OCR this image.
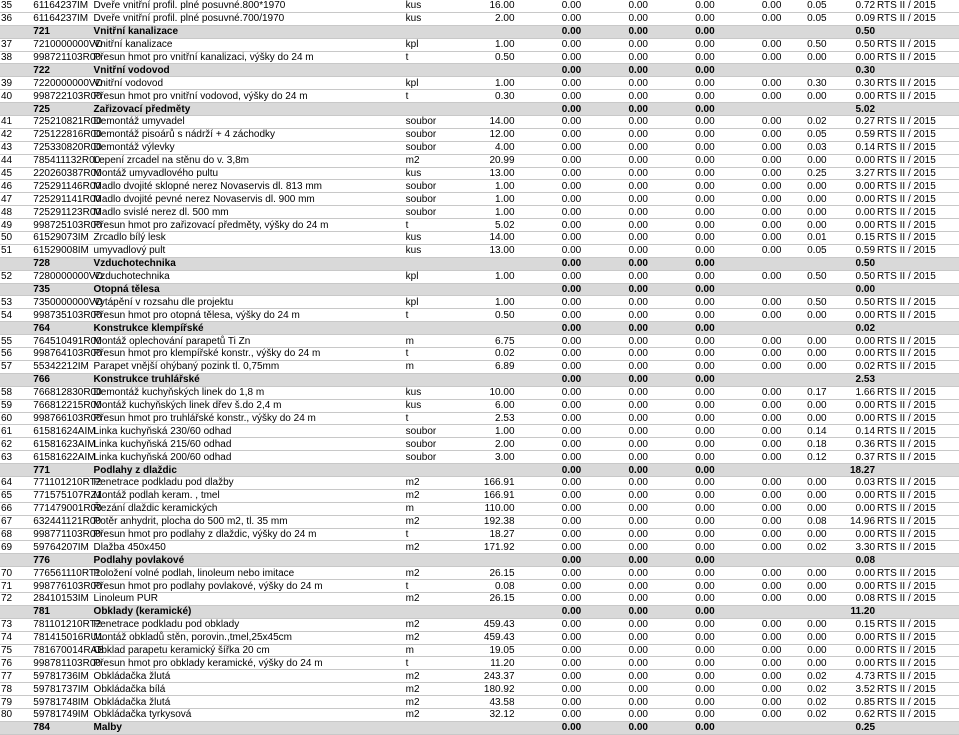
35	61164237IM	Dveře vnitřní profil. plné posuvné.800*1970	kus	16.00	0.00	0.00	0.00	0.00	0.05	0.72	RTS II / 2015
36	61164237IM	Dveře vnitřní profil. plné posuvné.700/1970	kus	2.00	0.00	0.00	0.00	0.00	0.05	0.09	RTS II / 2015
	721	Vnitřní kanalizace			0.00	0.00	0.00			0.50	
37	7210000000VD	Vnitřní kanalizace	kpl	1.00	0.00	0.00	0.00	0.00	0.50	0.50	RTS II / 2015
38	998721103R00	Přesun hmot pro vnitřní kanalizaci, výšky do 24 m	t	0.50	0.00	0.00	0.00	0.00	0.00	0.00	RTS II / 2015
	722	Vnitřní vodovod			0.00	0.00	0.00			0.30	
39	7220000000VD	Vnitřní vodovod	kpl	1.00	0.00	0.00	0.00	0.00	0.30	0.30	RTS II / 2015
40	998722103R00	Přesun hmot pro vnitřní vodovod, výšky do 24 m	t	0.30	0.00	0.00	0.00	0.00	0.00	0.00	RTS II / 2015
	725	Zařizovací předměty			0.00	0.00	0.00			5.02	
41	725210821R00	Demontáž umyvadel	soubor	14.00	0.00	0.00	0.00	0.00	0.02	0.27	RTS II / 2015
42	725122816R00	Demontáž pisoárů s nádrží + 4 záchodky	soubor	12.00	0.00	0.00	0.00	0.00	0.05	0.59	RTS II / 2015
43	725330820R00	Demontáž výlevky	soubor	4.00	0.00	0.00	0.00	0.00	0.03	0.14	RTS II / 2015
44	785411132R00	Lepení zrcadel na stěnu do v. 3,8m	m2	20.99	0.00	0.00	0.00	0.00	0.00	0.00	RTS II / 2015
45	220260387R00	Montáž umyvadlového pultu	kus	13.00	0.00	0.00	0.00	0.00	0.25	3.27	RTS II / 2015
46	725291146R00	Madlo dvojité sklopné nerez Novaservis dl. 813 mm	soubor	1.00	0.00	0.00	0.00	0.00	0.00	0.00	RTS II / 2015
47	725291141R00	Madlo dvojité pevné nerez Novaservis dl. 900 mm	soubor	1.00	0.00	0.00	0.00	0.00	0.00	0.00	RTS II / 2015
48	725291123R00	Madlo svislé nerez dl. 500 mm	soubor	1.00	0.00	0.00	0.00	0.00	0.00	0.00	RTS II / 2015
49	998725103R00	Přesun hmot pro zařizovací předměty, výšky do 24 m	t	5.02	0.00	0.00	0.00	0.00	0.00	0.00	RTS II / 2015
50	61529073IM	Zrcadlo bílý lesk	kus	14.00	0.00	0.00	0.00	0.00	0.01	0.15	RTS II / 2015
51	61529008IM	umyvadlový pult	kus	13.00	0.00	0.00	0.00	0.00	0.05	0.59	RTS II / 2015
	728	Vzduchotechnika			0.00	0.00	0.00			0.50	
52	7280000000VD	Vzduchotechnika	kpl	1.00	0.00	0.00	0.00	0.00	0.50	0.50	RTS II / 2015
	735	Otopná tělesa			0.00	0.00	0.00			0.00	
53	7350000000VD	Vytápění v rozsahu dle projektu	kpl	1.00	0.00	0.00	0.00	0.00	0.50	0.50	RTS II / 2015
54	998735103R00	Přesun hmot pro otopná tělesa, výšky do 24 m	t	0.50	0.00	0.00	0.00	0.00	0.00	0.00	RTS II / 2015
	764	Konstrukce klempířské			0.00	0.00	0.00			0.02	
55	764510491R00	Montáž oplechování parapetů Ti Zn	m	6.75	0.00	0.00	0.00	0.00	0.00	0.00	RTS II / 2015
56	998764103R00	Přesun hmot pro klempířské konstr., výšky do 24 m	t	0.02	0.00	0.00	0.00	0.00	0.00	0.00	RTS II / 2015
57	55342212IM	Parapet vnější ohýbaný pozink tl. 0,75mm	m	6.89	0.00	0.00	0.00	0.00	0.00	0.02	RTS II / 2015
	766	Konstrukce truhlářské			0.00	0.00	0.00			2.53	
58	766812830R00	Demontáž kuchyňských linek do 1,8 m	kus	10.00	0.00	0.00	0.00	0.00	0.17	1.66	RTS II / 2015
59	766812215R00	Montáž kuchyňských linek dřev š.do 2,4 m	kus	6.00	0.00	0.00	0.00	0.00	0.00	0.00	RTS II / 2015
60	998766103R00	Přesun hmot pro truhlářské konstr., výšky do 24 m	t	2.53	0.00	0.00	0.00	0.00	0.00	0.00	RTS II / 2015
61	61581624AIM	Linka kuchyňská 230/60 odhad	soubor	1.00	0.00	0.00	0.00	0.00	0.14	0.14	RTS II / 2015
62	61581623AIM	Linka kuchyňská 215/60 odhad	soubor	2.00	0.00	0.00	0.00	0.00	0.18	0.36	RTS II / 2015
63	61581622AIM	Linka kuchyňská 200/60 odhad	soubor	3.00	0.00	0.00	0.00	0.00	0.12	0.37	RTS II / 2015
	771	Podlahy z dlaždic			0.00	0.00	0.00			18.27	
64	771101210RT2	Penetrace podkladu pod dlažby	m2	166.91	0.00	0.00	0.00	0.00	0.00	0.03	RTS II / 2015
65	771575107RZ1	Montáž podlah keram. , tmel	m2	166.91	0.00	0.00	0.00	0.00	0.00	0.00	RTS II / 2015
66	771479001R00	Řezání dlaždic keramických	m	110.00	0.00	0.00	0.00	0.00	0.00	0.00	RTS II / 2015
67	632441121R00	Potěr anhydrit, plocha do 500 m2, tl. 35 mm	m2	192.38	0.00	0.00	0.00	0.00	0.08	14.96	RTS II / 2015
68	998771103R00	Přesun hmot pro podlahy z dlaždic, výšky do 24 m	t	18.27	0.00	0.00	0.00	0.00	0.00	0.00	RTS II / 2015
69	59764207IM	Dlažba 450x450	m2	171.92	0.00	0.00	0.00	0.00	0.02	3.30	RTS II / 2015
	776	Podlahy povlakové			0.00	0.00	0.00			0.08	
70	776561110RT1	Položení volné podlah, linoleum nebo imitace	m2	26.15	0.00	0.00	0.00	0.00	0.00	0.00	RTS II / 2015
71	998776103R00	Přesun hmot pro podlahy povlakové, výšky do 24 m	t	0.08	0.00	0.00	0.00	0.00	0.00	0.00	RTS II / 2015
72	28410153IM	Linoleum PUR	m2	26.15	0.00	0.00	0.00	0.00	0.00	0.08	RTS II / 2015
	781	Obklady (keramické)			0.00	0.00	0.00			11.20	
73	781101210RT2	Penetrace podkladu pod obklady	m2	459.43	0.00	0.00	0.00	0.00	0.00	0.15	RTS II / 2015
74	781415016RU1	Montáž obkladů stěn, porovin.,tmel,25x45cm	m2	459.43	0.00	0.00	0.00	0.00	0.00	0.00	RTS II / 2015
75	781670014RAB	Obklad parapetu keramický šířka 20 cm	m	19.05	0.00	0.00	0.00	0.00	0.00	0.00	RTS II / 2015
76	998781103R00	Přesun hmot pro obklady keramické, výšky do 24 m	t	11.20	0.00	0.00	0.00	0.00	0.00	0.00	RTS II / 2015
77	59781736IM	Obkládačka žlutá	m2	243.37	0.00	0.00	0.00	0.00	0.02	4.73	RTS II / 2015
78	59781737IM	Obkládačka bílá	m2	180.92	0.00	0.00	0.00	0.00	0.02	3.52	RTS II / 2015
79	59781748IM	Obkládačka žlutá	m2	43.58	0.00	0.00	0.00	0.00	0.02	0.85	RTS II / 2015
80	59781749IM	Obkládačka tyrkysová	m2	32.12	0.00	0.00	0.00	0.00	0.02	0.62	RTS II / 2015
	784	Malby			0.00	0.00	0.00			0.25	
